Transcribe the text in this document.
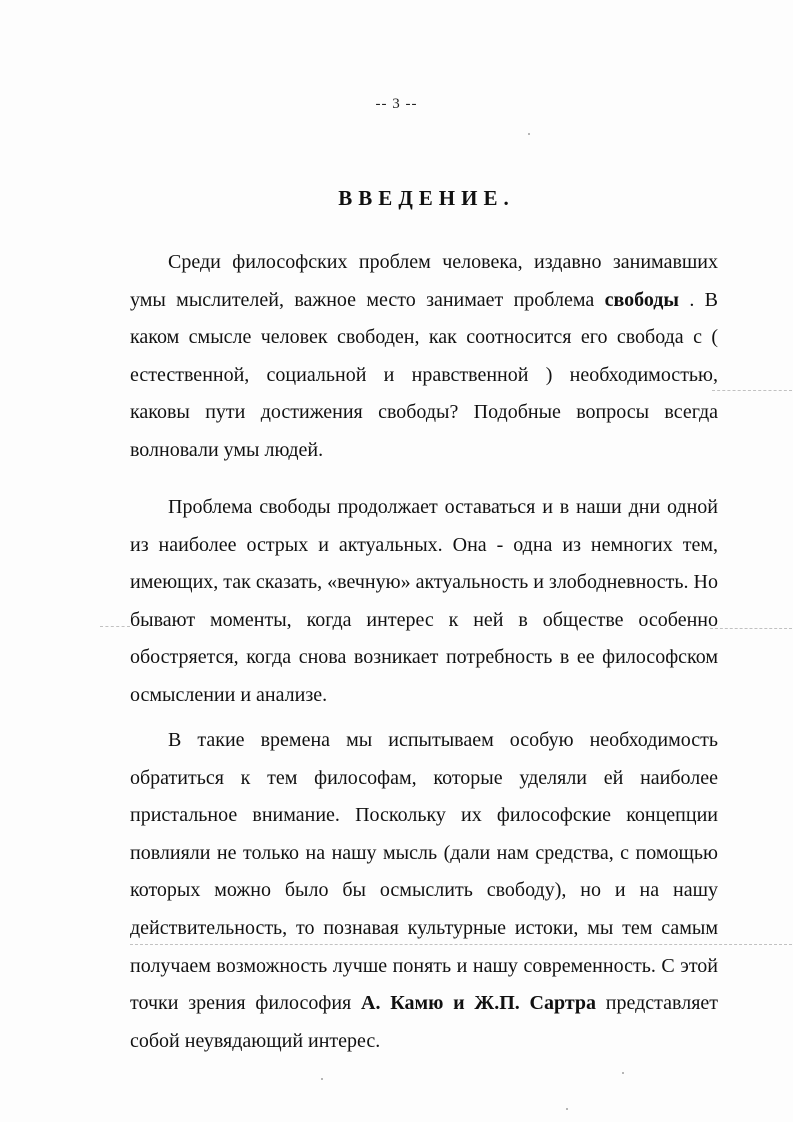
-- 3 --
ВВЕДЕНИЕ.

Среди философских проблем человека, издавно занимавших умы мыслителей, важное место занимает проблема свободы . В каком смысле человек свободен, как соотносится его свобода с ( естественной, социальной и нравственной ) необходимостью, каковы пути достижения свободы? Подобные вопросы всегда волновали умы людей.

Проблема свободы продолжает оставаться и в наши дни одной из наиболее острых и актуальных. Она - одна из немногих тем, имеющих, так сказать, «вечную» актуальность и злободневность. Но бывают моменты, когда интерес к ней в обществе особенно обостряется, когда снова возникает потребность в ее философском осмыслении и анализе.

В такие времена мы испытываем особую необходимость обратиться к тем философам, которые уделяли ей наиболее пристальное внимание. Поскольку их философские концепции повлияли не только на нашу мысль (дали нам средства, с помощью которых можно было бы осмыслить свободу), но и на нашу действительность, то познавая культурные истоки, мы тем самым получаем возможность лучше понять и нашу современность. С этой точки зрения философия А. Камю и Ж.П. Сартра представляет собой неувядающий интерес.
